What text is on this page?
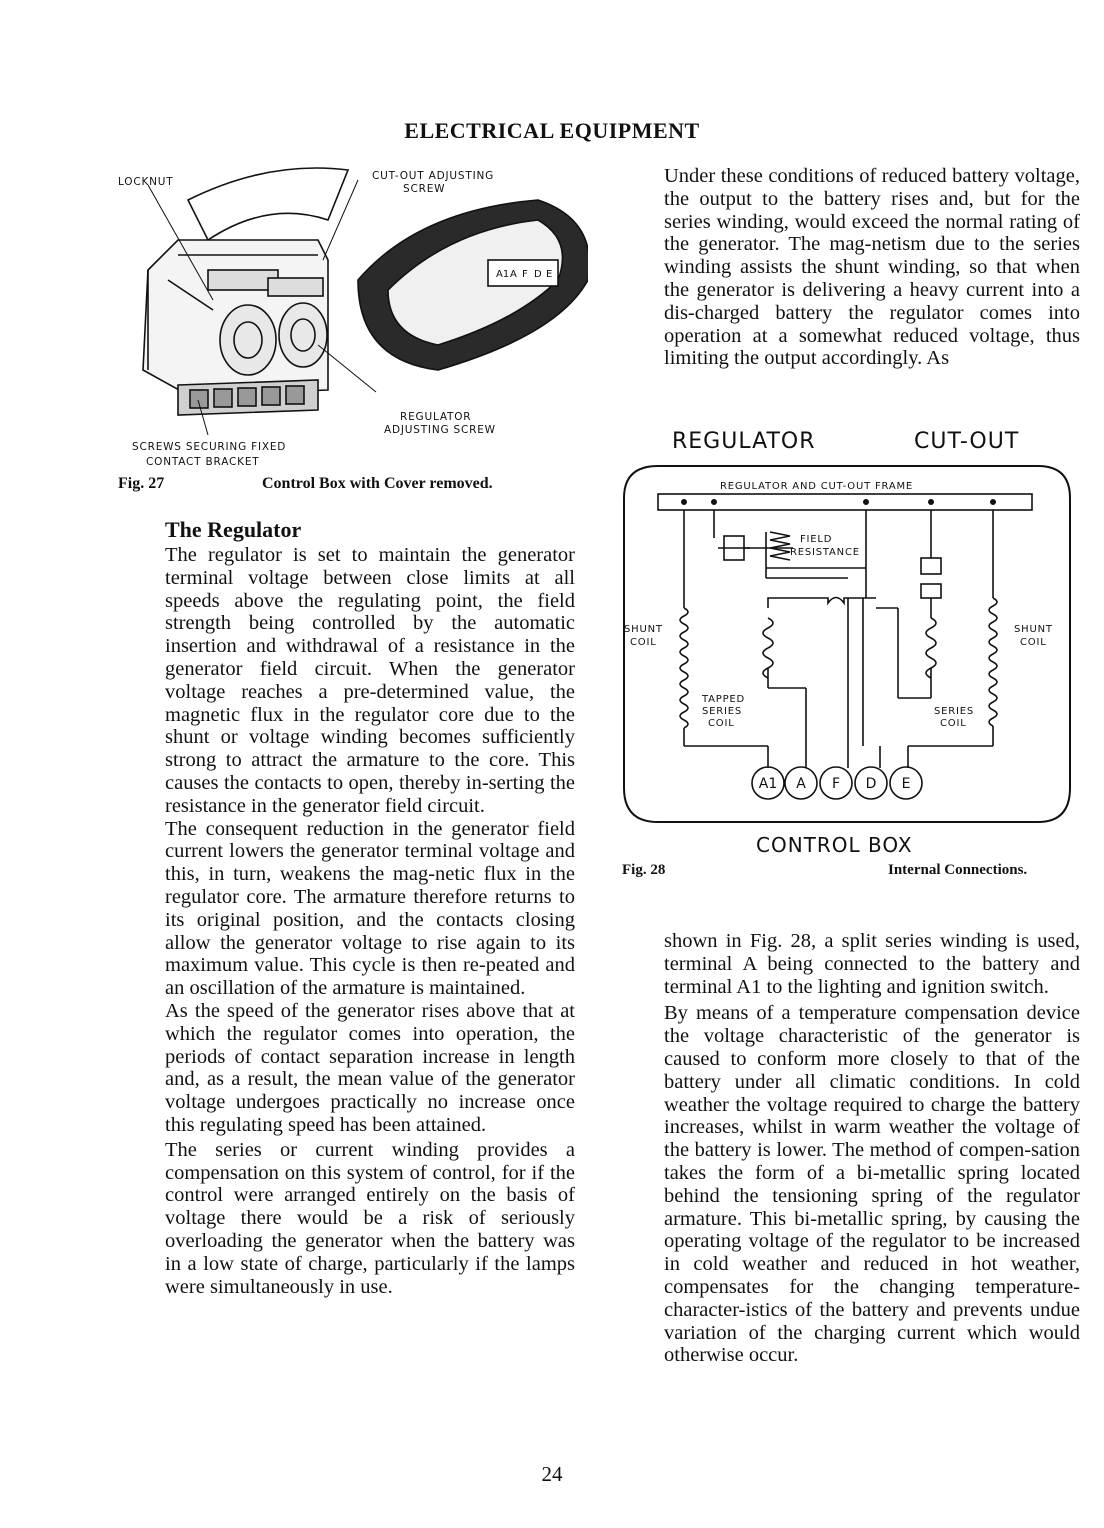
ELECTRICAL EQUIPMENT
A1 A F D E
LOCKNUT	CUT-OUT ADJUSTING
SCREW
REGULATOR
ADJUSTING SCREW
SCREWS SECURING FIXED
CONTACT BRACKET
Fig. 27	Control Box with Cover removed.

The Regulator

The regulator is set to maintain the generator terminal voltage between close limits at all speeds above the regulating point, the field strength being controlled by the automatic insertion and withdrawal of a resistance in the generator field circuit. When the generator voltage reaches a pre-determined value, the magnetic flux in the regulator core due to the shunt or voltage winding becomes sufficiently strong to attract the armature to the core. This causes the contacts to open, thereby in-serting the resistance in the generator field circuit.

The consequent reduction in the generator field current lowers the generator terminal voltage and this, in turn, weakens the mag-netic flux in the regulator core. The armature therefore returns to its original position, and the contacts closing allow the generator voltage to rise again to its maximum value. This cycle is then re-peated and an oscillation of the armature is maintained.

As the speed of the generator rises above that at which the regulator comes into operation, the periods of contact separation increase in length and, as a result, the mean value of the generator voltage undergoes practically no increase once this regulating speed has been attained.

The series or current winding provides a compensation on this system of control, for if the control were arranged entirely on the basis of voltage there would be a risk of seriously overloading the generator when the battery was in a low state of charge, particularly if the lamps were simultaneously in use.

Under these conditions of reduced battery voltage, the output to the battery rises and, but for the series winding, would exceed the normal rating of the generator. The mag-netism due to the series winding assists the shunt winding, so that when the generator is delivering a heavy current into a dis-charged battery the regulator comes into operation at a somewhat reduced voltage, thus limiting the output accordingly. As

REGULATOR	CUT-OUT
A1 A F D E
REGULATOR AND CUT-OUT FRAME
FIELD
RESISTANCE
SHUNT
COIL
SHUNT
COIL
TAPPED
SERIES
COIL
SERIES
COIL
CONTROL BOX
Fig. 28	Internal Connections.

shown in Fig. 28, a split series winding is used, terminal A being connected to the battery and terminal A1 to the lighting and ignition switch.

By means of a temperature compensation device the voltage characteristic of the generator is caused to conform more closely to that of the battery under all climatic conditions. In cold weather the voltage required to charge the battery increases, whilst in warm weather the voltage of the battery is lower. The method of compen-sation takes the form of a bi-metallic spring located behind the tensioning spring of the regulator armature. This bi-metallic spring, by causing the operating voltage of the regulator to be increased in cold weather and reduced in hot weather, compensates for the changing temperature-character-istics of the battery and prevents undue variation of the charging current which would otherwise occur.

24
